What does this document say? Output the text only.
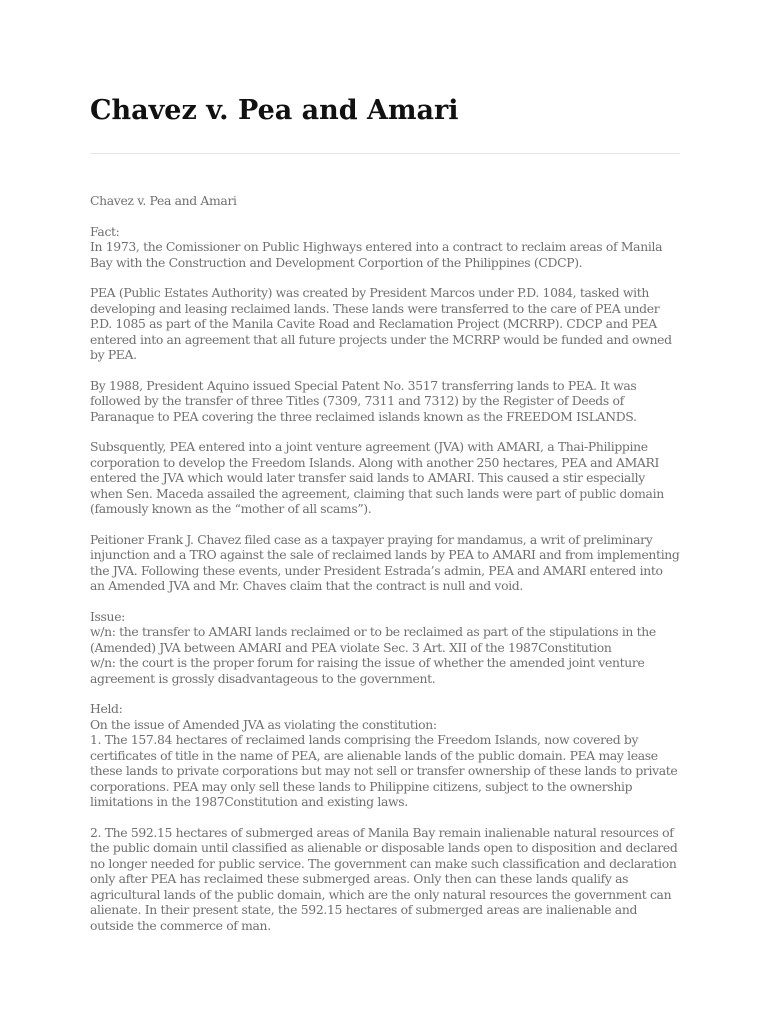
Chavez v. Pea and Amari

Chavez v. Pea and Amari

Fact:
In 1973, the Comissioner on Public Highways entered into a contract to reclaim areas of Manila Bay with the Construction and Development Corportion of the Philippines (CDCP).

PEA (Public Estates Authority) was created by President Marcos under P.D. 1084, tasked with developing and leasing reclaimed lands. These lands were transferred to the care of PEA under P.D. 1085 as part of the Manila Cavite Road and Reclamation Project (MCRRP). CDCP and PEA entered into an agreement that all future projects under the MCRRP would be funded and owned by PEA.

By 1988, President Aquino issued Special Patent No. 3517 transferring lands to PEA. It was followed by the transfer of three Titles (7309, 7311 and 7312) by the Register of Deeds of Paranaque to PEA covering the three reclaimed islands known as the FREEDOM ISLANDS.

Subsquently, PEA entered into a joint venture agreement (JVA) with AMARI, a Thai-Philippine corporation to develop the Freedom Islands. Along with another 250 hectares, PEA and AMARI entered the JVA which would later transfer said lands to AMARI. This caused a stir especially when Sen. Maceda assailed the agreement, claiming that such lands were part of public domain (famously known as the “mother of all scams”).

Peitioner Frank J. Chavez filed case as a taxpayer praying for mandamus, a writ of preliminary injunction and a TRO against the sale of reclaimed lands by PEA to AMARI and from implementing the JVA. Following these events, under President Estrada’s admin, PEA and AMARI entered into an Amended JVA and Mr. Chaves claim that the contract is null and void.

Issue:
w/n: the transfer to AMARI lands reclaimed or to be reclaimed as part of the stipulations in the (Amended) JVA between AMARI and PEA violate Sec. 3 Art. XII of the 1987Constitution
w/n: the court is the proper forum for raising the issue of whether the amended joint venture agreement is grossly disadvantageous to the government.

Held:
On the issue of Amended JVA as violating the constitution:
1. The 157.84 hectares of reclaimed lands comprising the Freedom Islands, now covered by certificates of title in the name of PEA, are alienable lands of the public domain. PEA may lease these lands to private corporations but may not sell or transfer ownership of these lands to private corporations. PEA may only sell these lands to Philippine citizens, subject to the ownership limitations in the 1987Constitution and existing laws.

2. The 592.15 hectares of submerged areas of Manila Bay remain inalienable natural resources of the public domain until classified as alienable or disposable lands open to disposition and declared no longer needed for public service. The government can make such classification and declaration only after PEA has reclaimed these submerged areas. Only then can these lands qualify as agricultural lands of the public domain, which are the only natural resources the government can alienate. In their present state, the 592.15 hectares of submerged areas are inalienable and outside the commerce of man.
